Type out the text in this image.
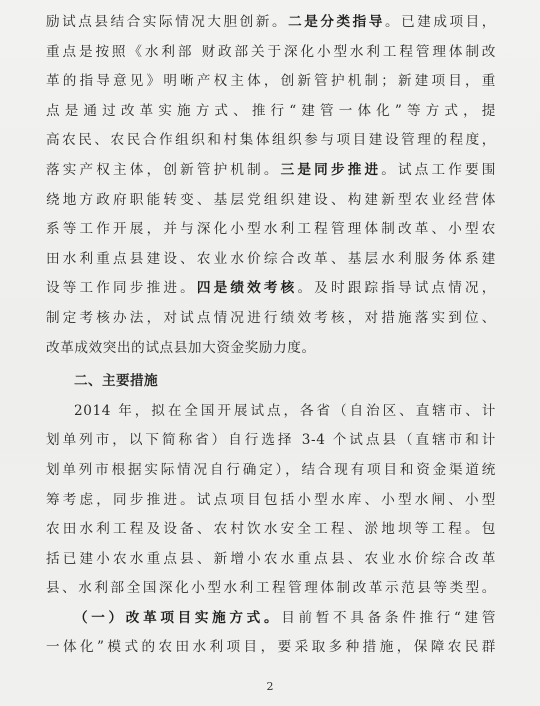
励试点县结合实际情况大胆创新。二是分类指导。已建成项目，
重点是按照《水利部 财政部关于深化小型水利工程管理体制改
革的指导意见》明晰产权主体，创新管护机制；新建项目，重
点是通过改革实施方式、推行“建管一体化”等方式，提
高农民、农民合作组织和村集体组织参与项目建设管理的程度，
落实产权主体，创新管护机制。三是同步推进。试点工作要围
绕地方政府职能转变、基层党组织建设、构建新型农业经营体
系等工作开展，并与深化小型水利工程管理体制改革、小型农
田水利重点县建设、农业水价综合改革、基层水利服务体系建
设等工作同步推进。四是绩效考核。及时跟踪指导试点情况，
制定考核办法，对试点情况进行绩效考核，对措施落实到位、
改革成效突出的试点县加大资金奖励力度。
二、主要措施
2014 年，拟在全国开展试点，各省（自治区、直辖市、计
划单列市，以下简称省）自行选择 3-4 个试点县（直辖市和计
划单列市根据实际情况自行确定），结合现有项目和资金渠道统
筹考虑，同步推进。试点项目包括小型水库、小型水闸、小型
农田水利工程及设备、农村饮水安全工程、淤地坝等工程。包
括已建小农水重点县、新增小农水重点县、农业水价综合改革
县、水利部全国深化小型水利工程管理体制改革示范县等类型。
（一）改革项目实施方式。目前暂不具备条件推行“建管
一体化”模式的农田水利项目，要采取多种措施，保障农民群
2
